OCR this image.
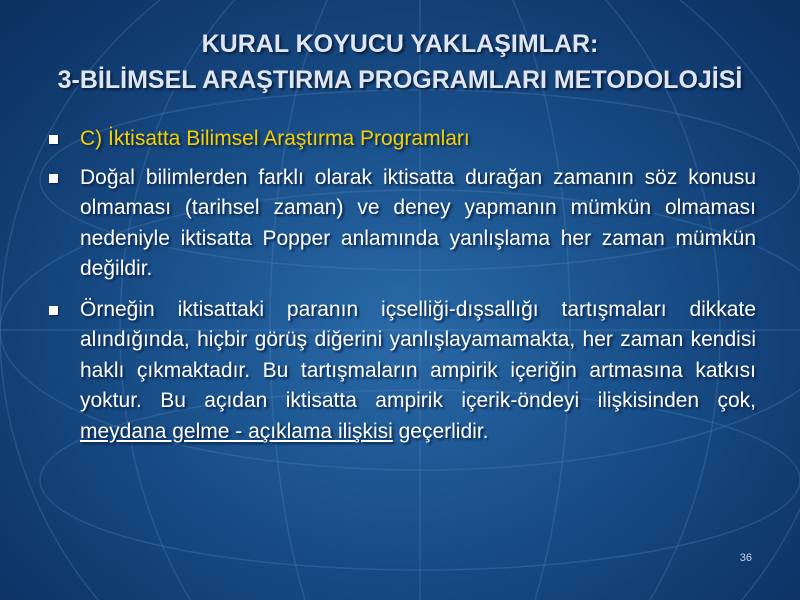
KURAL KOYUCU YAKLAŞIMLAR:
3-BİLİMSEL ARAŞTIRMA PROGRAMLARI METODOLOJİSİ
C) İktisatta Bilimsel Araştırma Programları
Doğal bilimlerden farklı olarak iktisatta durağan zamanın söz konusu olmaması (tarihsel zaman) ve deney yapmanın mümkün olmaması nedeniyle iktisatta Popper anlamında yanlışlama her zaman mümkün değildir.
Örneğin iktisattaki paranın içselliği-dışsallığı tartışmaları dikkate alındığında, hiçbir görüş diğerini yanlışlayamamakta, her zaman kendisi haklı çıkmaktadır. Bu tartışmaların ampirik içeriğin artmasına katkısı yoktur. Bu açıdan iktisatta ampirik içerik-öndeyi ilişkisinden çok, meydana gelme - açıklama ilişkisi geçerlidir.
36
